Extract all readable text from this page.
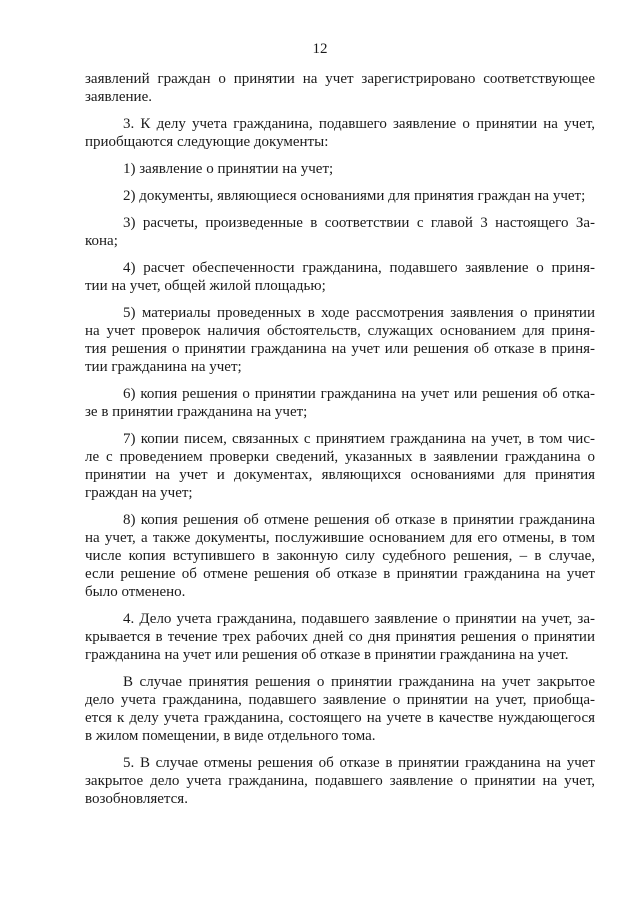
12
заявлений граждан о принятии на учет зарегистрировано соответствующее
заявление.
3. К делу учета гражданина, подавшего заявление о принятии на учет,
приобщаются следующие документы:
1) заявление о принятии на учет;
2) документы, являющиеся основаниями для принятия граждан на учет;
3) расчеты, произведенные в соответствии с главой 3 настоящего За-
кона;
4) расчет обеспеченности гражданина, подавшего заявление о приня-
тии на учет, общей жилой площадью;
5) материалы проведенных в ходе рассмотрения заявления о принятии
на учет проверок наличия обстоятельств, служащих основанием для приня-
тия решения о принятии гражданина на учет или решения об отказе в приня-
тии гражданина на учет;
6) копия решения о принятии гражданина на учет или решения об отка-
зе в принятии гражданина на учет;
7) копии писем, связанных с принятием гражданина на учет, в том чис-
ле с проведением проверки сведений, указанных в заявлении гражданина о
принятии на учет и документах, являющихся основаниями для принятия
граждан на учет;
8) копия решения об отмене решения об отказе в принятии гражданина
на учет, а также документы, послужившие основанием для его отмены, в том
числе копия вступившего в законную силу судебного решения, – в случае,
если решение об отмене решения об отказе в принятии гражданина на учет
было отменено.
4. Дело учета гражданина, подавшего заявление о принятии на учет, за-
крывается в течение трех рабочих дней со дня принятия решения о принятии
гражданина на учет или решения об отказе в принятии гражданина на учет.
В случае принятия решения о принятии гражданина на учет закрытое
дело учета гражданина, подавшего заявление о принятии на учет, приобща-
ется к делу учета гражданина, состоящего на учете в качестве нуждающегося
в жилом помещении, в виде отдельного тома.
5. В случае отмены решения об отказе в принятии гражданина на учет
закрытое дело учета гражданина, подавшего заявление о принятии на учет,
возобновляется.
